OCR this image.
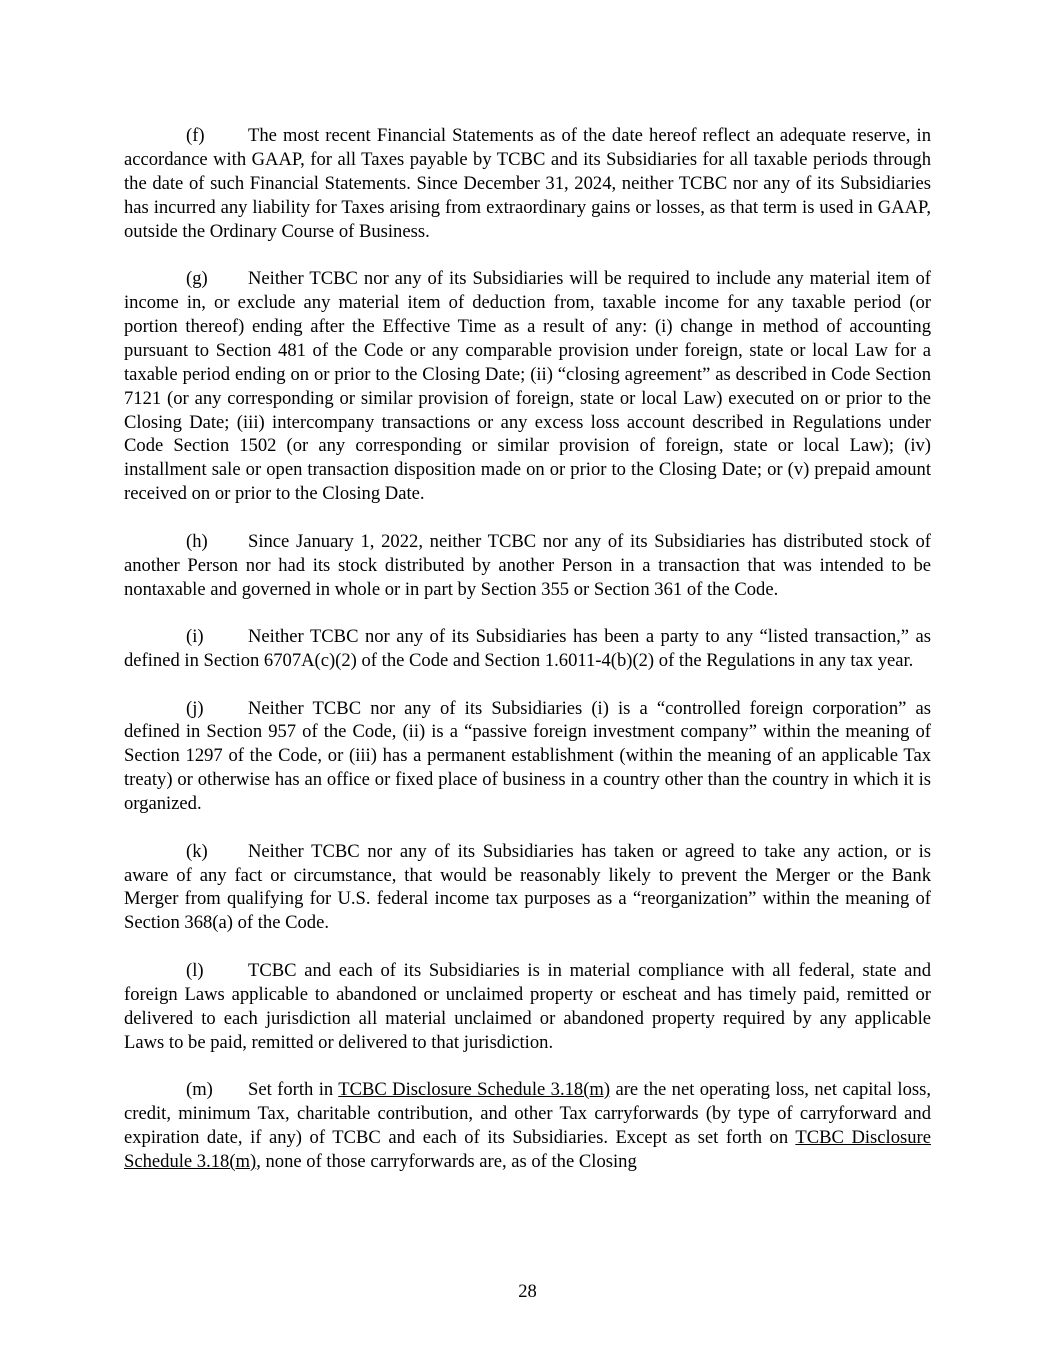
(f) The most recent Financial Statements as of the date hereof reflect an adequate reserve, in accordance with GAAP, for all Taxes payable by TCBC and its Subsidiaries for all taxable periods through the date of such Financial Statements. Since December 31, 2024, neither TCBC nor any of its Subsidiaries has incurred any liability for Taxes arising from extraordinary gains or losses, as that term is used in GAAP, outside the Ordinary Course of Business.

(g) Neither TCBC nor any of its Subsidiaries will be required to include any material item of income in, or exclude any material item of deduction from, taxable income for any taxable period (or portion thereof) ending after the Effective Time as a result of any: (i) change in method of accounting pursuant to Section 481 of the Code or any comparable provision under foreign, state or local Law for a taxable period ending on or prior to the Closing Date; (ii) “closing agreement” as described in Code Section 7121 (or any corresponding or similar provision of foreign, state or local Law) executed on or prior to the Closing Date; (iii) intercompany transactions or any excess loss account described in Regulations under Code Section 1502 (or any corresponding or similar provision of foreign, state or local Law); (iv) installment sale or open transaction disposition made on or prior to the Closing Date; or (v) prepaid amount received on or prior to the Closing Date.

(h) Since January 1, 2022, neither TCBC nor any of its Subsidiaries has distributed stock of another Person nor had its stock distributed by another Person in a transaction that was intended to be nontaxable and governed in whole or in part by Section 355 or Section 361 of the Code.

(i) Neither TCBC nor any of its Subsidiaries has been a party to any “listed transaction,” as defined in Section 6707A(c)(2) of the Code and Section 1.6011-4(b)(2) of the Regulations in any tax year.

(j) Neither TCBC nor any of its Subsidiaries (i) is a “controlled foreign corporation” as defined in Section 957 of the Code, (ii) is a “passive foreign investment company” within the meaning of Section 1297 of the Code, or (iii) has a permanent establishment (within the meaning of an applicable Tax treaty) or otherwise has an office or fixed place of business in a country other than the country in which it is organized.

(k) Neither TCBC nor any of its Subsidiaries has taken or agreed to take any action, or is aware of any fact or circumstance, that would be reasonably likely to prevent the Merger or the Bank Merger from qualifying for U.S. federal income tax purposes as a “reorganization” within the meaning of Section 368(a) of the Code.

(l) TCBC and each of its Subsidiaries is in material compliance with all federal, state and foreign Laws applicable to abandoned or unclaimed property or escheat and has timely paid, remitted or delivered to each jurisdiction all material unclaimed or abandoned property required by any applicable Laws to be paid, remitted or delivered to that jurisdiction.

(m) Set forth in TCBC Disclosure Schedule 3.18(m) are the net operating loss, net capital loss, credit, minimum Tax, charitable contribution, and other Tax carryforwards (by type of carryforward and expiration date, if any) of TCBC and each of its Subsidiaries. Except as set forth on TCBC Disclosure Schedule 3.18(m), none of those carryforwards are, as of the Closing

28
